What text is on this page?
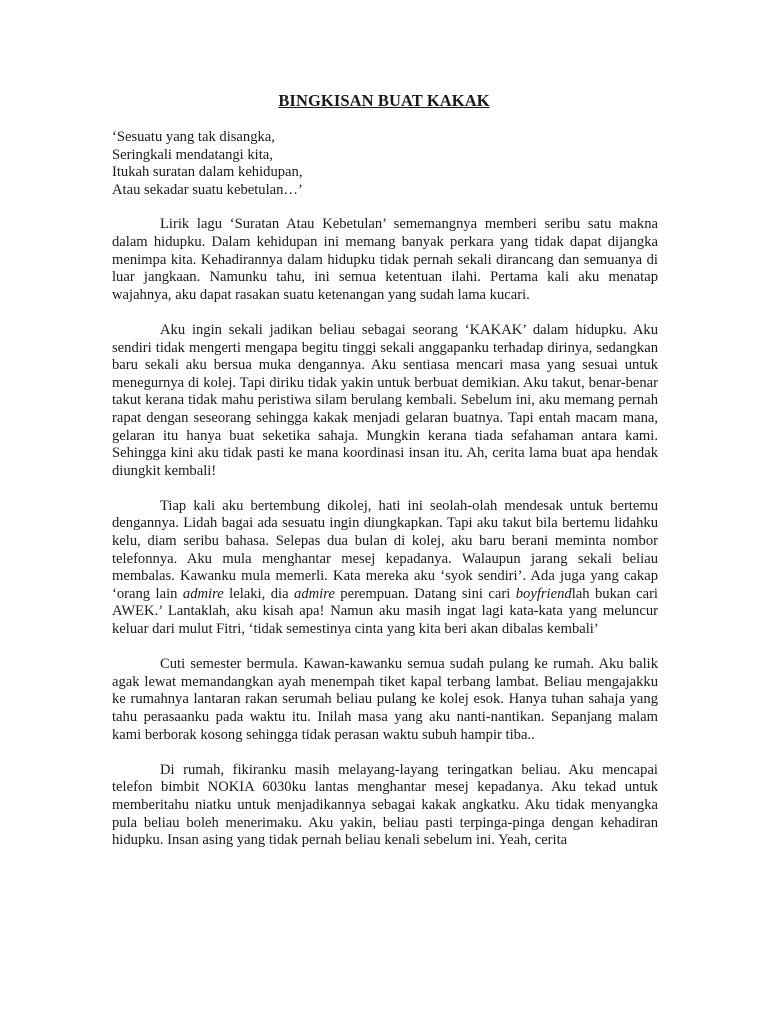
BINGKISAN BUAT KAKAK
‘Sesuatu yang tak disangka,
Seringkali mendatangi kita,
Itukah suratan dalam kehidupan,
Atau sekadar suatu kebetulan…’

Lirik lagu ‘Suratan Atau Kebetulan’ sememangnya memberi seribu satu makna dalam hidupku. Dalam kehidupan ini memang banyak perkara yang tidak dapat dijangka menimpa kita. Kehadirannya dalam hidupku tidak pernah sekali dirancang dan semuanya di luar jangkaan. Namunku tahu, ini semua ketentuan ilahi. Pertama kali aku menatap wajahnya, aku dapat rasakan suatu ketenangan yang sudah lama kucari.

Aku ingin sekali jadikan beliau sebagai seorang ‘KAKAK’ dalam hidupku. Aku sendiri tidak mengerti mengapa begitu tinggi sekali anggapanku terhadap dirinya, sedangkan baru sekali aku bersua muka dengannya. Aku sentiasa mencari masa yang sesuai untuk menegurnya di kolej. Tapi diriku tidak yakin untuk berbuat demikian. Aku takut, benar-benar takut kerana tidak mahu peristiwa silam berulang kembali. Sebelum ini, aku memang pernah rapat dengan seseorang sehingga kakak menjadi gelaran buatnya. Tapi entah macam mana, gelaran itu hanya buat seketika sahaja. Mungkin kerana tiada sefahaman antara kami. Sehingga kini aku tidak pasti ke mana koordinasi insan itu. Ah, cerita lama buat apa hendak diungkit kembali!

Tiap kali aku bertembung dikolej, hati ini seolah-olah mendesak untuk bertemu dengannya. Lidah bagai ada sesuatu ingin diungkapkan. Tapi aku takut bila bertemu lidahku kelu, diam seribu bahasa. Selepas dua bulan di kolej, aku baru berani meminta nombor telefonnya. Aku mula menghantar mesej kepadanya. Walaupun jarang sekali beliau membalas. Kawanku mula memerli. Kata mereka aku ‘syok sendiri’. Ada juga yang cakap ‘orang lain admire lelaki, dia admire perempuan. Datang sini cari boyfriendlah bukan cari AWEK.’ Lantaklah, aku kisah apa! Namun aku masih ingat lagi kata-kata yang meluncur keluar dari mulut Fitri, ‘tidak semestinya cinta yang kita beri akan dibalas kembali’

Cuti semester bermula. Kawan-kawanku semua sudah pulang ke rumah. Aku balik agak lewat memandangkan ayah menempah tiket kapal terbang lambat. Beliau mengajakku ke rumahnya lantaran rakan serumah beliau pulang ke kolej esok. Hanya tuhan sahaja yang tahu perasaanku pada waktu itu. Inilah masa yang aku nanti-nantikan. Sepanjang malam kami berborak kosong sehingga tidak perasan waktu subuh hampir tiba..

Di rumah, fikiranku masih melayang-layang teringatkan beliau. Aku mencapai telefon bimbit NOKIA 6030ku lantas menghantar mesej kepadanya. Aku tekad untuk memberitahu niatku untuk menjadikannya sebagai kakak angkatku. Aku tidak menyangka pula beliau boleh menerimaku. Aku yakin, beliau pasti terpinga-pinga dengan kehadiran hidupku. Insan asing yang tidak pernah beliau kenali sebelum ini. Yeah, cerita
